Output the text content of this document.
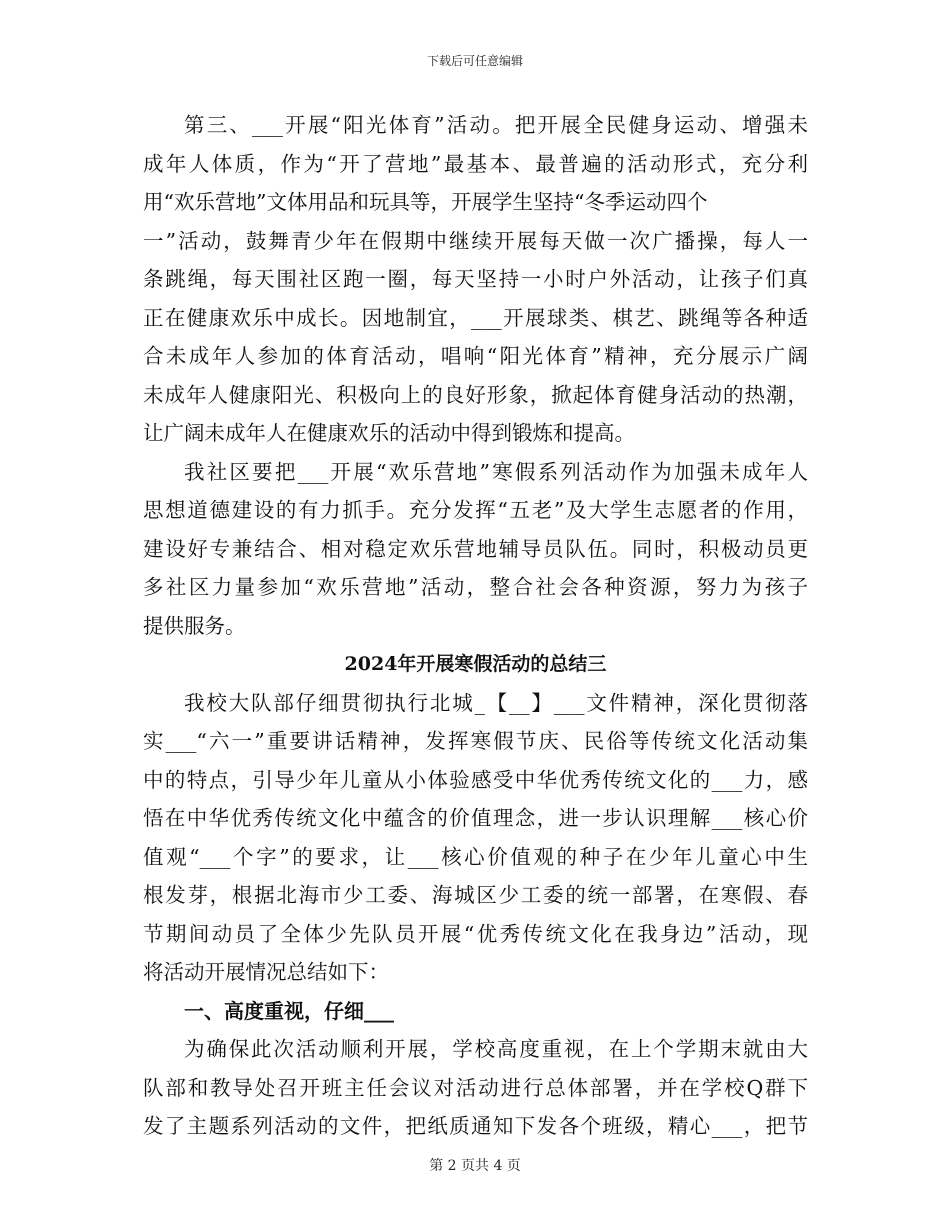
下载后可任意编辑
第三、___开展“阳光体育”活动。把开展全民健身运动、增强未
成年人体质，作为“开了营地”最基本、最普遍的活动形式，充分利
用“欢乐营地”文体用品和玩具等，开展学生坚持“冬季运动四个
一”活动，鼓舞青少年在假期中继续开展每天做一次广播操，每人一
条跳绳，每天围社区跑一圈，每天坚持一小时户外活动，让孩子们真
正在健康欢乐中成长。因地制宜，___开展球类、棋艺、跳绳等各种适
合未成年人参加的体育活动，唱响“阳光体育”精神，充分展示广阔
未成年人健康阳光、积极向上的良好形象，掀起体育健身活动的热潮，
让广阔未成年人在健康欢乐的活动中得到锻炼和提高。
我社区要把___开展“欢乐营地”寒假系列活动作为加强未成年人
思想道德建设的有力抓手。充分发挥“五老”及大学生志愿者的作用，
建设好专兼结合、相对稳定欢乐营地辅导员队伍。同时，积极动员更
多社区力量参加“欢乐营地”活动，整合社会各种资源，努力为孩子
提供服务。
2024年开展寒假活动的总结三
我校大队部仔细贯彻执行北城_【__】___文件精神，深化贯彻落
实___“六一”重要讲话精神，发挥寒假节庆、民俗等传统文化活动集
中的特点，引导少年儿童从小体验感受中华优秀传统文化的___力，感
悟在中华优秀传统文化中蕴含的价值理念，进一步认识理解___核心价
值观“___个字”的要求，让___核心价值观的种子在少年儿童心中生
根发芽，根据北海市少工委、海城区少工委的统一部署，在寒假、春
节期间动员了全体少先队员开展“优秀传统文化在我身边”活动，现
将活动开展情况总结如下：
一、高度重视，仔细___
为确保此次活动顺利开展，学校高度重视，在上个学期末就由大
队部和教导处召开班主任会议对活动进行总体部署，并在学校Q群下
发了主题系列活动的文件，把纸质通知下发各个班级，精心___，把节
第 2 页共 4 页
